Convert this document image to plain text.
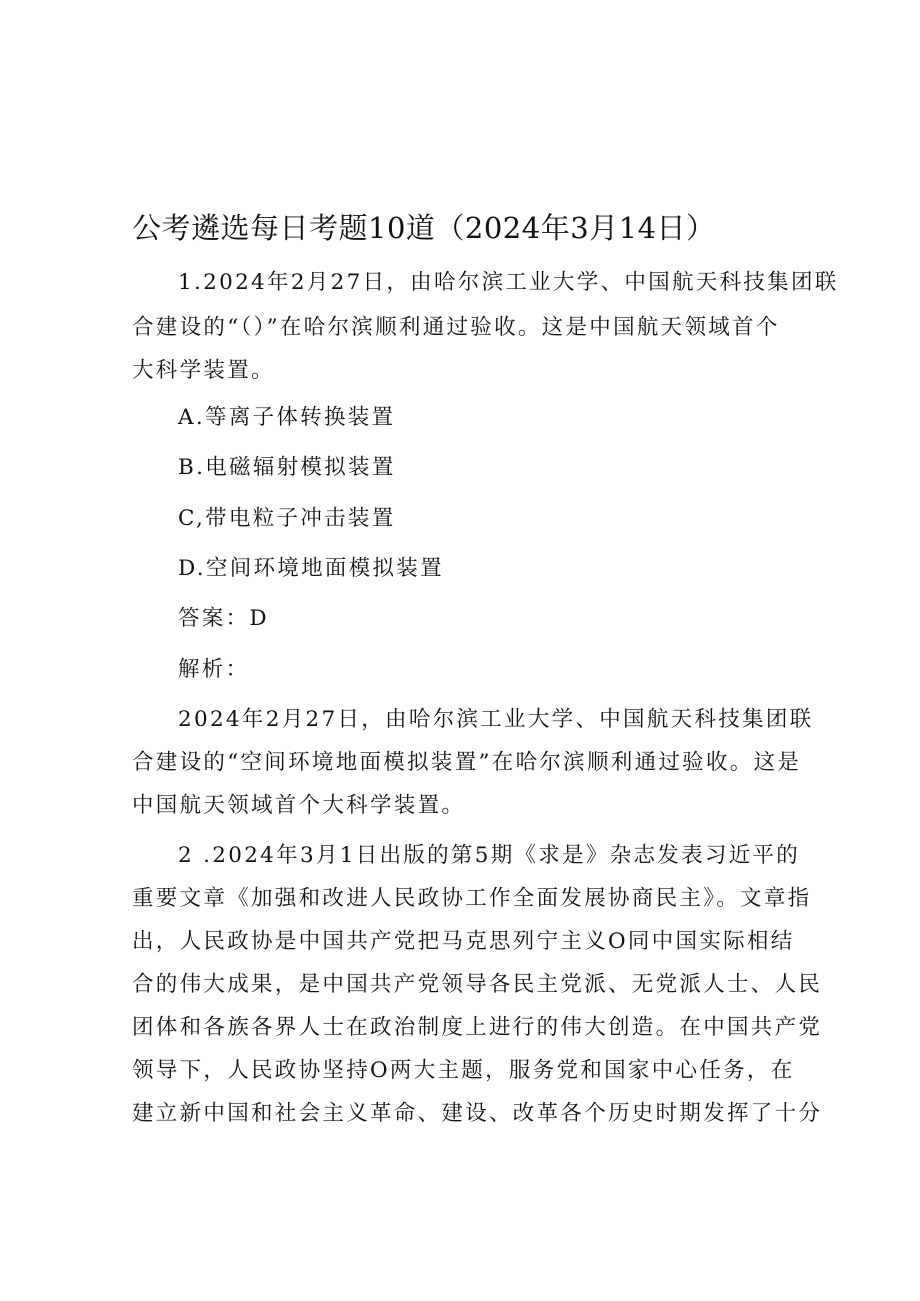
公考遴选每日考题10道（2024年3月14日）

1.2024年2月27日，由哈尔滨工业大学、中国航天科技集团联

合建设的“（）”在哈尔滨顺利通过验收。这是中国航天领域首个

大科学装置。

A.等离子体转换装置

B.电磁辐射模拟装置

C,带电粒子冲击装置

D.空间环境地面模拟装置

答案：D

解析：

2024年2月27日，由哈尔滨工业大学、中国航天科技集团联

合建设的“空间环境地面模拟装置”在哈尔滨顺利通过验收。这是

中国航天领域首个大科学装置。

2 .2024年3月1日出版的第5期《求是》杂志发表习近平的

重要文章《加强和改进人民政协工作全面发展协商民主》。文章指

出，人民政协是中国共产党把马克思列宁主义O同中国实际相结

合的伟大成果，是中国共产党领导各民主党派、无党派人士、人民

团体和各族各界人士在政治制度上进行的伟大创造。在中国共产党

领导下，人民政协坚持O两大主题，服务党和国家中心任务，在

建立新中国和社会主义革命、建设、改革各个历史时期发挥了十分
